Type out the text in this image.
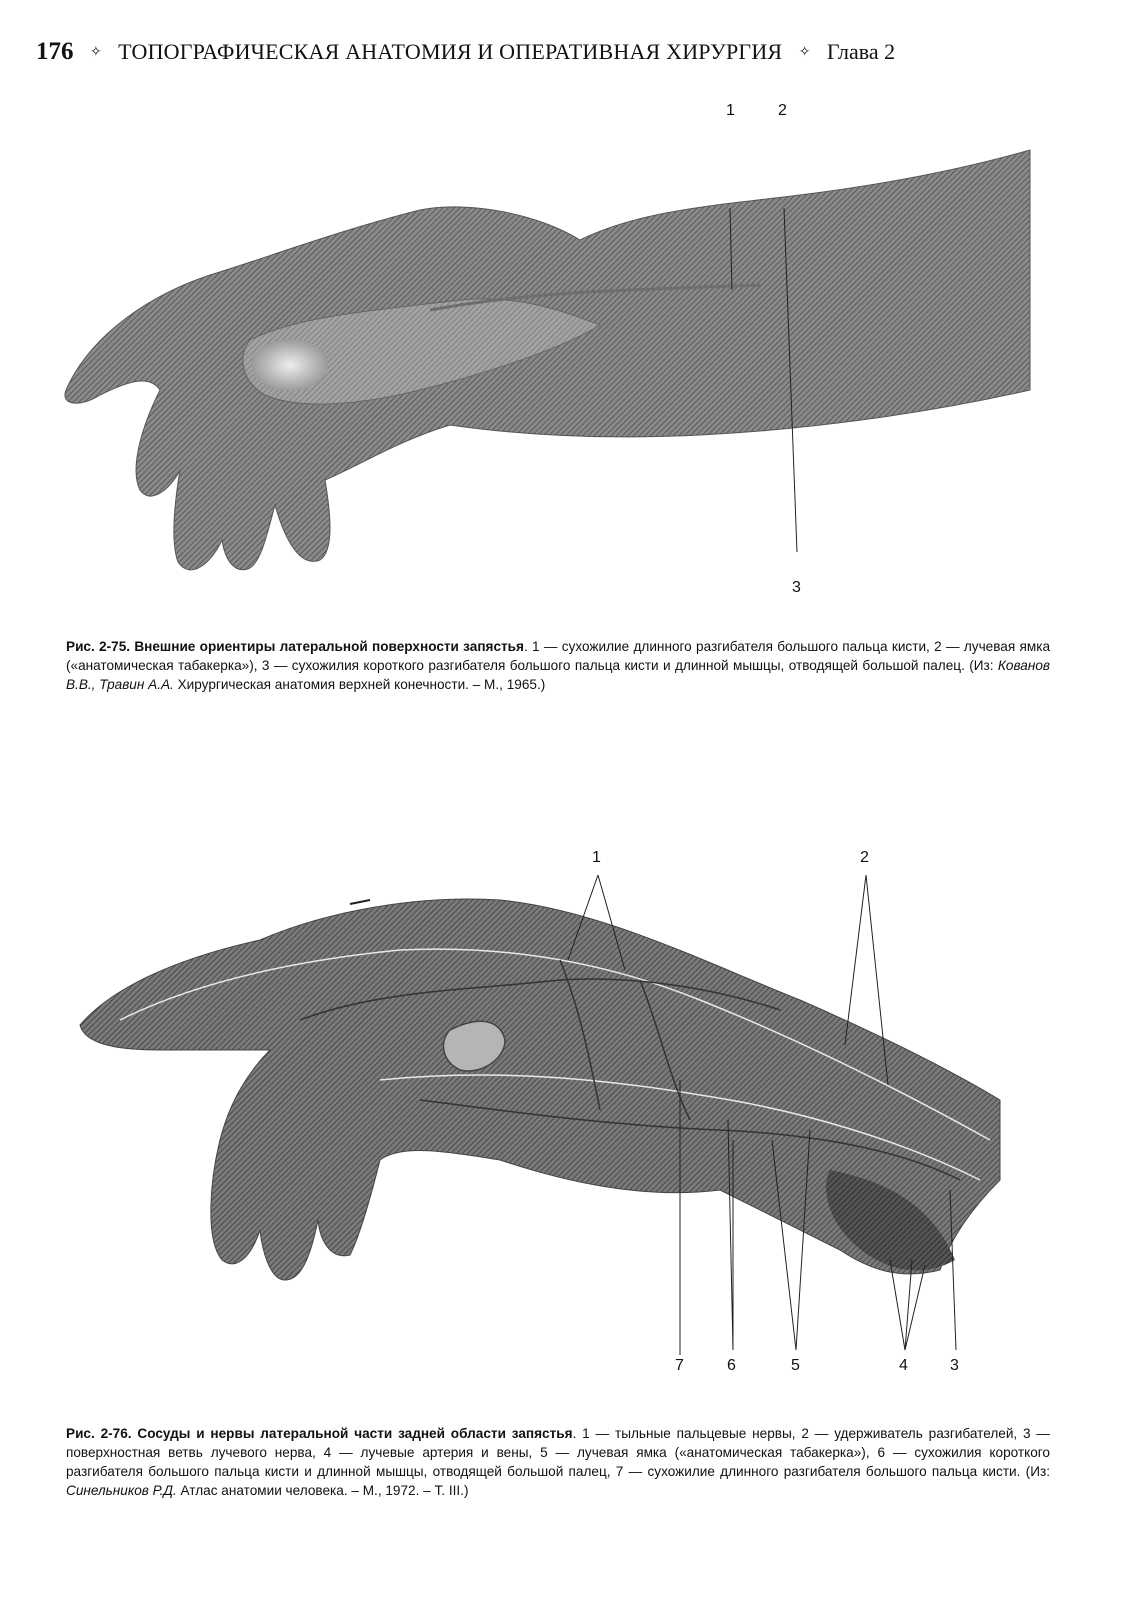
176 ✧ ТОПОГРАФИЧЕСКАЯ АНАТОМИЯ И ОПЕРАТИВНАЯ ХИРУРГИЯ ✧ Глава 2
1	2
3
Рис. 2-75. Внешние ориентиры латеральной поверхности запястья. 1 — сухожилие длинного разгибателя большого пальца кисти, 2 — лучевая ямка («анатомическая табакерка»), 3 — сухожилия короткого разгибателя большого пальца кисти и длинной мышцы, отводящей большой палец. (Из: Кованов В.В., Травин А.А. Хирургическая анатомия верхней конечности. – М., 1965.)
1	2
7	6	5	4	3
Рис. 2-76. Сосуды и нервы латеральной части задней области запястья. 1 — тыльные пальцевые нервы, 2 — удерживатель разгибателей, 3 — поверхностная ветвь лучевого нерва, 4 — лучевые артерия и вены, 5 — лучевая ямка («анатомическая табакерка»), 6 — сухожилия короткого разгибателя большого пальца кисти и длинной мышцы, отводящей большой палец, 7 — сухожилие длинного разгибателя большого пальца кисти. (Из: Синельников Р.Д. Атлас анатомии человека. – М., 1972. – Т. III.)
